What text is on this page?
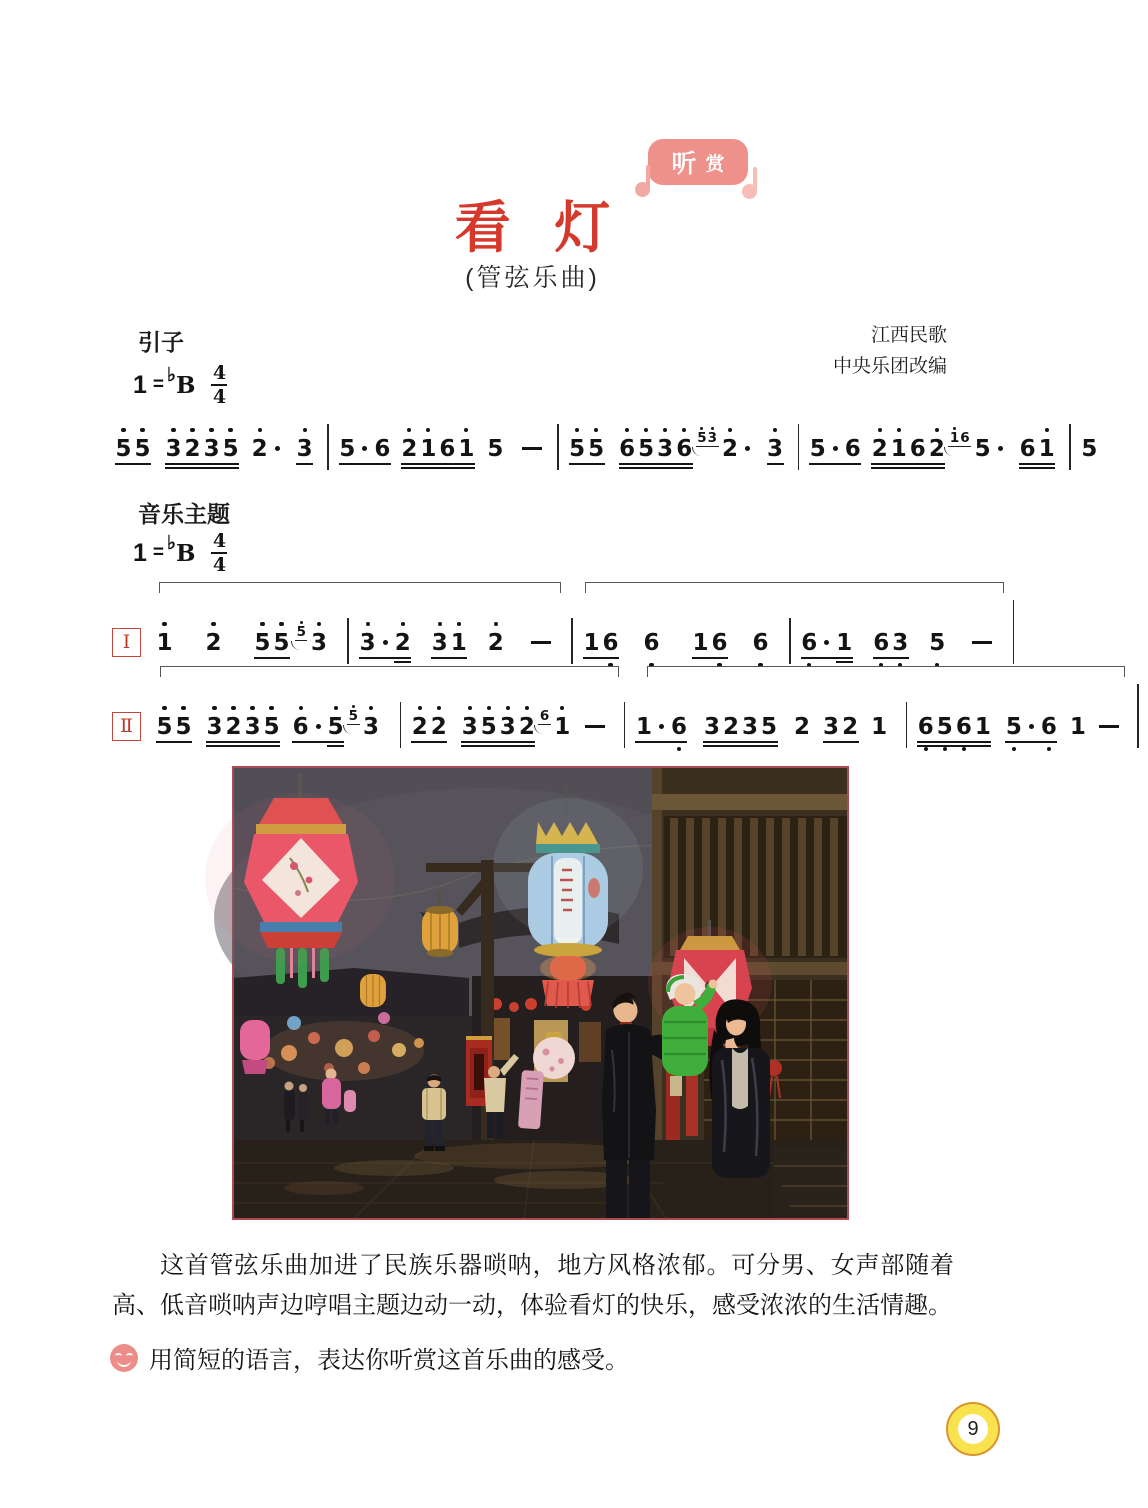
听 赏
看 灯
(管弦乐曲)
引子	江西民歌
中央乐团改编
1 = ♭ B 4
4
5 5 3 2 3 5 2 3 5 6 2 1 6 1 5	5 5 6 5 3 6 5 3 2 3 5 6 2 1 6 2 1 6 5 6 1 5
音乐主题
1 = ♭ B 4
4
Ⅰ	1 2 5 5 5 3 3 2 3 1 2	1 6 6 1 6 6 6 1 6 3 5
Ⅱ	5 5 3 2 3 5 6 5 5 3 2 2 3 5 3 2 6 1	1 6 3 2 3 5 2 3 2 1 6 5 6 1 5 6 1

这首管弦乐曲加进了民族乐器唢呐，地方风格浓郁。可分男、女声部随着高、低音唢呐声边哼唱主题边动一动，体验看灯的快乐，感受浓浓的生活情趣。

用简短的语言，表达你听赏这首乐曲的感受。
9
